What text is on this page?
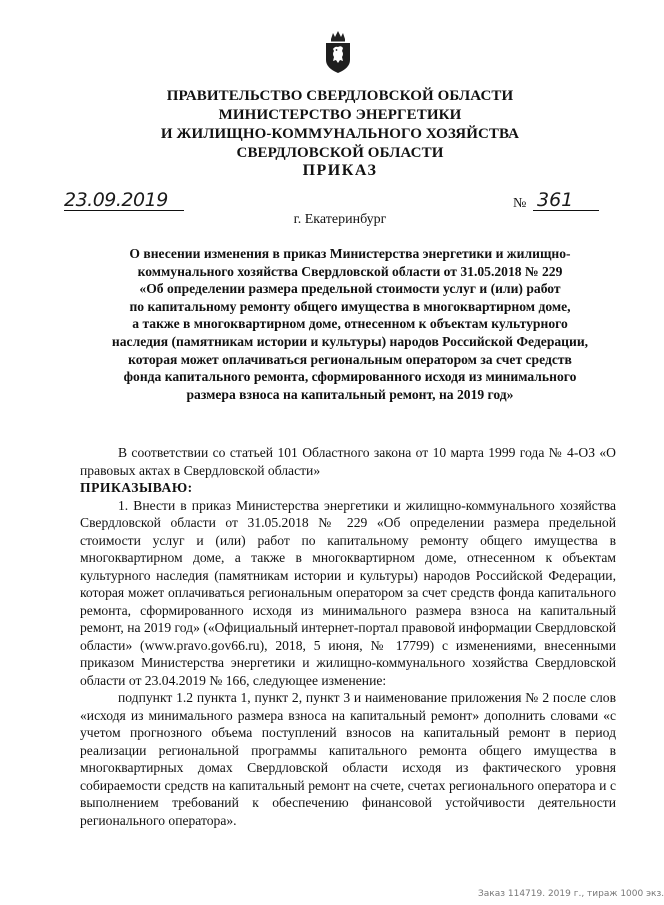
ПРАВИТЕЛЬСТВО СВЕРДЛОВСКОЙ ОБЛАСТИ
МИНИСТЕРСТВО ЭНЕРГЕТИКИ
И ЖИЛИЩНО-КОММУНАЛЬНОГО ХОЗЯЙСТВА
СВЕРДЛОВСКОЙ ОБЛАСТИ
ПРИКАЗ
23.09.2019	№ 361
г. Екатеринбург
О внесении изменения в приказ Министерства энергетики и жилищно-
коммунального хозяйства Свердловской области от 31.05.2018 № 229
«Об определении размера предельной стоимости услуг и (или) работ
по капитальному ремонту общего имущества в многоквартирном доме,
а также в многоквартирном доме, отнесенном к объектам культурного
наследия (памятникам истории и культуры) народов Российской Федерации,
которая может оплачиваться региональным оператором за счет средств
фонда капитального ремонта, сформированного исходя из минимального
размера взноса на капитальный ремонт, на 2019 год»

В соответствии со статьей 101 Областного закона от 10 марта 1999 года № 4-ОЗ «О правовых актах в Свердловской области»

ПРИКАЗЫВАЮ:

1. Внести в приказ Министерства энергетики и жилищно-коммунального хозяйства Свердловской области от 31.05.2018 № 229 «Об определении размера предельной стоимости услуг и (или) работ по капитальному ремонту общего имущества в многоквартирном доме, а также в многоквартирном доме, отнесенном к объектам культурного наследия (памятникам истории и культуры) народов Российской Федерации, которая может оплачиваться региональным оператором за счет средств фонда капитального ремонта, сформированного исходя из минимального размера взноса на капитальный ремонт, на 2019 год» («Официальный интернет-портал правовой информации Свердловской области» (www.pravo.gov66.ru), 2018, 5 июня, № 17799) с изменениями, внесенными приказом Министерства энергетики и жилищно-коммунального хозяйства Свердловской области от 23.04.2019 № 166, следующее изменение:

подпункт 1.2 пункта 1, пункт 2, пункт 3 и наименование приложения № 2 после слов «исходя из минимального размера взноса на капитальный ремонт» дополнить словами «с учетом прогнозного объема поступлений взносов на капитальный ремонт в период реализации региональной программы капитального ремонта общего имущества в многоквартирных домах Свердловской области исходя из фактического уровня собираемости средств на капитальный ремонт на счете, счетах регионального оператора и с выполнением требований к обеспечению финансовой устойчивости деятельности регионального оператора».

Заказ 114719. 2019 г., тираж 1000 экз.
